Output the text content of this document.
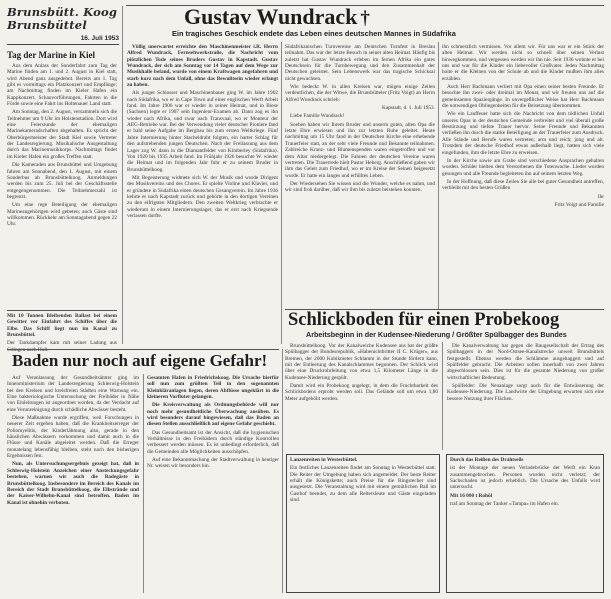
Brunsbütt. Koog
Brunsbüttel
16. Juli 1953
Tag der Marine in Kiel

Aus dem Anlass der Sonderfahrt zum Tag der Marine finden am 1. und 2. August in Kiel statt, wird Abend ganz ausgedehnt. Bereits am 1. Tag gibt es vormittags ein Platzkonzert und Empfänge; am Nachmittag finden im Kieler Hafen ein Kappkonzert, Schauvorführungen, Fahrten in die Förde sowie eine Fahrt ins Holtenauer Land statt.

Am Sonntag, den 2. August, versammeln sich die Teilnehmer um 9 Uhr im Holstenstadion. Dort wird eine Feierstunde der ehemaligen Marinekameradschaften abgehalten. Es spricht der Oberbürgermeister der Stadt Kiel sowie Vertreter der Landesregierung. Musikalische Ausgestaltung durch das Marinemusikkorps. Nachmittags findet im Kieler Hafen ein großes Treffen statt.

Die Kameraden aus Brunsbüttel und Umgebung fahren am Sonnabend, den 1. August, mit einem Sonderbus ab Brunsbüttelkoog. Anmeldungen werden bis zum 25. Juli bei der Geschäftsstelle entgegengenommen. Die Teilnehmerzahl ist begrenzt.

Um eine rege Beteiligung der ehemaligen Marineangehörigen wird gebeten; auch Gäste sind willkommen. Rückkehr am Sonntagabend gegen 22 Uhr.

Mit 10 Tonnen Bleibenden Ballast bei einem Gewitter vor Einfahrt des Schiffes über die Elbe. Das Schiff liegt nun im Kanal zu Brunsbüttel.

Der Tankdampfer kam mit seiner Ladung aus Gdingen nach Hull.

Gustav Wundrack †
Ein tragisches Geschick endete das Leben eines deutschen Mannes in Südafrika

Völlig unerwartet erreichte den Maschinenmeister i.R. Herrn Alfred Wundrack, Fernsehwerkstraße, die Nachricht vom plötzlichen Tode seines Bruders Gustav in Kapstadt. Gustav Wundrack, der sich am Sonntag vor 14 Tagen auf dem Wege zur Musikhalle befand, wurde von einem Kraftwagen angefahren und starb kurz nach dem Unfall, ohne das Bewußtsein wieder erlangt zu haben.

Als junger Schlosser und Maschinenbauer ging W. im Jahre 1902 nach Südafrika, wo er in Cape Town auf einer englischen Werft Arbeit fand. Im Jahre 1906 war er wieder in seiner Heimat, und in Biese (Sachsen) legte er 1907 sein Ingenieur-Examen ab. Dann zog es ihn wieder nach Afrika, und zwar nach Transvaal, wo er Monteur der AEG-Betriebe war. Bei der Verwendung vieler deutscher Pioniere fand er bald seine Aufgabe im Bergbau bis zum ersten Weltkriege. Fünf Jahre Internierung hinter Stacheldraht folgten, ein harter Schlag für den aufstrebenden jungen Deutschen. Nach der Freilassung aus dem Lager zog W. dann in die Diamantfelder von Kimberley (Südafrika). Von 1920 bis 1935 Arbeit fand. Im Frühjahr 1926 besuchte W. wieder die Heimat und im folgenden Jahr fuhr er zu seinem Bruder in Brunsbüttelkoog.

Mit Begeisterung widmete sich W. der Musik und wurde Dirigent des Musikvereins und des Chores. Er spielte Violine und Klavier, und er gründete in Südafrika einen deutschen Gesangverein. Im Jahre 1936 kehrte er nach Kapstadt zurück und gehörte in den dortigen Vereinen zu den eifrigsten Mitgliedern. Den zweiten Weltkrieg verbrachte er wiederum in einem Internierungslager, das er erst nach Kriegsende verlassen durfte.

Südafrikanischen Turnvereine am Deutschen Turnfest in Breslau teilnahm. Das war der letzte Besuch in seiner alten Heimat. Häufig bis zuletzt hat Gustav Wundrack erleben im fernen Afrika ein gutes Deutschsein für die Turnbewegung und den Zusammenhalt der Deutschen geleistet. Sein Lebenswerk war das tragische Schicksal nicht gewachsen.

Wie bedeckt W. in allen Kreisen war, mögen einige Zeilen verdeutlichen, die der Witwe, die Brunsbütteler (Fritz Voigt) an Herrn Alfred Wundrack schrieb:

Kapstadt, d. 1. Juli 1953.

Liebe Familie Wundrack!

Soeben haben wir Ihrem Bruder und unserm guten, alten Opa die letzte Ehre erwiesen und ihn zur letzten Ruhe geleitet. Heute nachmittag um 15 Uhr fand in der Deutschen Kirche eine erhebende Trauerfeier statt, an der sehr viele Freunde und Bekannte teilnahmen. Zahlreiche Kranz- und Blumenspenden waren eingetroffen und vor dem Altar niedergelegt. Die Fahnen der deutschen Vereine waren vertreten. Die Trauerrede hielt Pastor Heberg. Anschließend gaben wir ihm das Geleit zum Friedhof, wo er im Kreise der Seinen beigesetzt wurde. Er hatte ein langes und erfülltes Leben.

Der Wiedersehen Sie wissen und die Wunder, welche es nahm, und wir sind froh darüber, daß wir ihm bis zuletzt beistehen konnten.

ihn schmerzlich vermissen. Vor allem wir. Für uns war er ein Stück der alten Heimat. Wir werden nicht so schnell über seinen Verlust hinwegkommen, und vergessen werden wir ihn nie. Seit 1936 wohnte er bei uns und war für die Kinder ein liebevoller Großvater. Jeden Nachmittag holte er die Kleinen von der Schule ab und die Kinder mußten ihm alles erzählen.

Auch Herr Bachmann verliert mit Opa einen seiner besten Freunde. Er besuchte ihn zwei- oder dreimal im Monat, und wir freuten uns auf die gemeinsamen Spaziergänge. In unvergeßlicher Weise hat Herr Bachmann die notwendigen Obliegenheiten für die Beisetzung übernommen.

Wie ein Lauffeuer hatte sich die Nachricht von dem tödlichen Unfall unseres Opas in der deutschen Gemeinde verbreitet und viel überall große Bestürzung und tiefste Trauer hervor. Seine Freunde und Bekannten verließen ihn durch die starke Beteiligung an der Trauerfeier zum Ausdruck. Alle Stände und Berufe waren vertreten; arm und reich; jung und alt. Trotzdem der deutsche Friedhof etwas außerhalb liegt, hatten sich viele eingefunden, ihm die letzte Ehre zu erweisen.

In der Kirche sowie am Grabe sind verschiedene Ansprachen gehalten worden. Schüler hielten dem Verstorbenen die Totenwache. Lieder wurden gesungen und alle Freunde begleiteten ihn auf seinem letzten Weg.

In der Hoffnung, daß diese Zeilen Sie alle bei guter Gesundheit antreffen, verbleibt mit den besten Grüßen

Ihr

Fritz Voigt und Familie

Schlickboden für einen Probekoog
Arbeitsbeginn in der Kudensee-Niederung / Größter Spülbagger des Bundes

Brunsbüttelkoog. Vor der Kanalweiche Kudensee aus hat der größte Spülbagger der Bundesrepublik, »Habenichtbritter II C. Krüger«, aus Bremen, der 2000 Kubikmeter Schlamm in der Stunde fördern kann, mit der Entleerung des Kanalschlammes begonnen. Der Schlick wird über eine Druckrohrleitung von etwa 1,5 Kilometer Länge in die Kudensee-Niederung gespült.

Damit wird ein Probekoog angelegt, in dem die Fruchtbarkeit des Schlickbodens erprobt werden soll. Das Gelände soll um etwa 1,80 Meter aufgehöht werden.

Die Kanalverwaltung hat gegen die Baugesellschaft der Ertrag des Spülbaggers in der Nord-Ostsee-Kanalstrecke unweit Brunsbüttels festgestellt. Ebenso werden die Schlämme ausgebaggert und auf Spülfelder gebracht. Die Arbeiten sollen innerhalb von zwei Jahren abgeschlossen sein. Dies ist für die gesamte Niederung von großer wirtschaftlicher Bedeutung.

Spülfelder: Die Neuanlage sorgt auch für die Entwässerung der Kudensee-Niederung. Die Landwirte der Umgebung erwarten sich eine bessere Nutzung ihrer Flächen.

Baden nur noch auf eigene Gefahr!

Auf Veranlassung der Gesundheitsämter ging im Innenministerium der Landesregierung Schleswig-Holstein bei den Kreisen und kreisfreien Städten eine Warnung ein. Eine bakteriologische Untersuchung der Freibäder in Nähe von Einleitungen ist angeordnet worden, da der Verdacht auf eine Verunreinigung durch schädliche Abwässer besteht.

Diese Maßnahme wurde ergriffen, weil Forschungen in neuerer Zeit ergeben haben, daß die Krankheitserreger der Poliomyelitis, der Kinderlähmung also, gerade in den häuslichen Abwässern vorkommen und damit auch in die Flüsse und Kanäle abgeleitet werden. Daß die Erreger monatelang lebensfähig bleiben, steht nach den bisherigen Ergebnissen fest.

Nun, als Untersuchungsergebnis gezeigt hat, daß in Schleswig-Holstein Anzeichen einer Ansteckungsgefahr bestehen, warnen wir auch die Badegäste in Brunsbüttelkoog. Insbesondere im Bereich des Kanals im Bereich der Stadt Brunsbüttelkoog, die Elbstrände und der Kaiser-Wilhelm-Kanal sind betroffen. Baden im Kanal ist ohnehin verboten.

Gesamten Hafen in Friedrichskoog. Die Ursache hierfür soll nun zum größten Teil in den sogenannten Kleinkläranlagen liegen, deren Abflüsse ungeklärt in die kleineren Vorfluter gelangen.

Die Kreisverwaltung als Ordnungsbehörde will nur noch mehr gesundheitliche Überwachung ausüben. Es wird besonders darauf hingewiesen, daß das Baden an diesen Stellen ausschließlich auf eigene Gefahr geschieht.

Das Gesundheitsamt ist der Ansicht, daß die hygienischen Verhältnisse in den Freibädern durch ständige Kontrollen verbessert werden müssen. Es ist unbedingt erforderlich, daß die Gemeinden alle Möglichkeiten ausschöpfen.

Auf eine Bekanntmachung der Stadtverwaltung in heutiger Nr. weisen wir besonders hin.

Lanzenreiten in Westerbüttel.

Ein festliches Lanzenreiten findet am Sonntag in Westerbüttel statt. Die Reiter der Umgebung haben sich angemeldet. Der beste Reiter erhält die Königskette; auch Preise für die Ringstecher sind ausgesetzt. Die Veranstaltung wird mit einem gemütlichen Ball im Gasthof beendet, zu dem alle Reitersleute und Gäste eingeladen sind.

Durch das Reißen des Drahtseils

ist der Montage der neuen Verladebrücke der Werft ein Kran zusammengebrochen. Personen wurden nicht verletzt; der Sachschaden ist jedoch erheblich. Die Ursache des Unfalls wird untersucht.

Mit 16 000 t Rohöl

traf am Sonntag der Tanker »Tampa« im Hafen ein.
